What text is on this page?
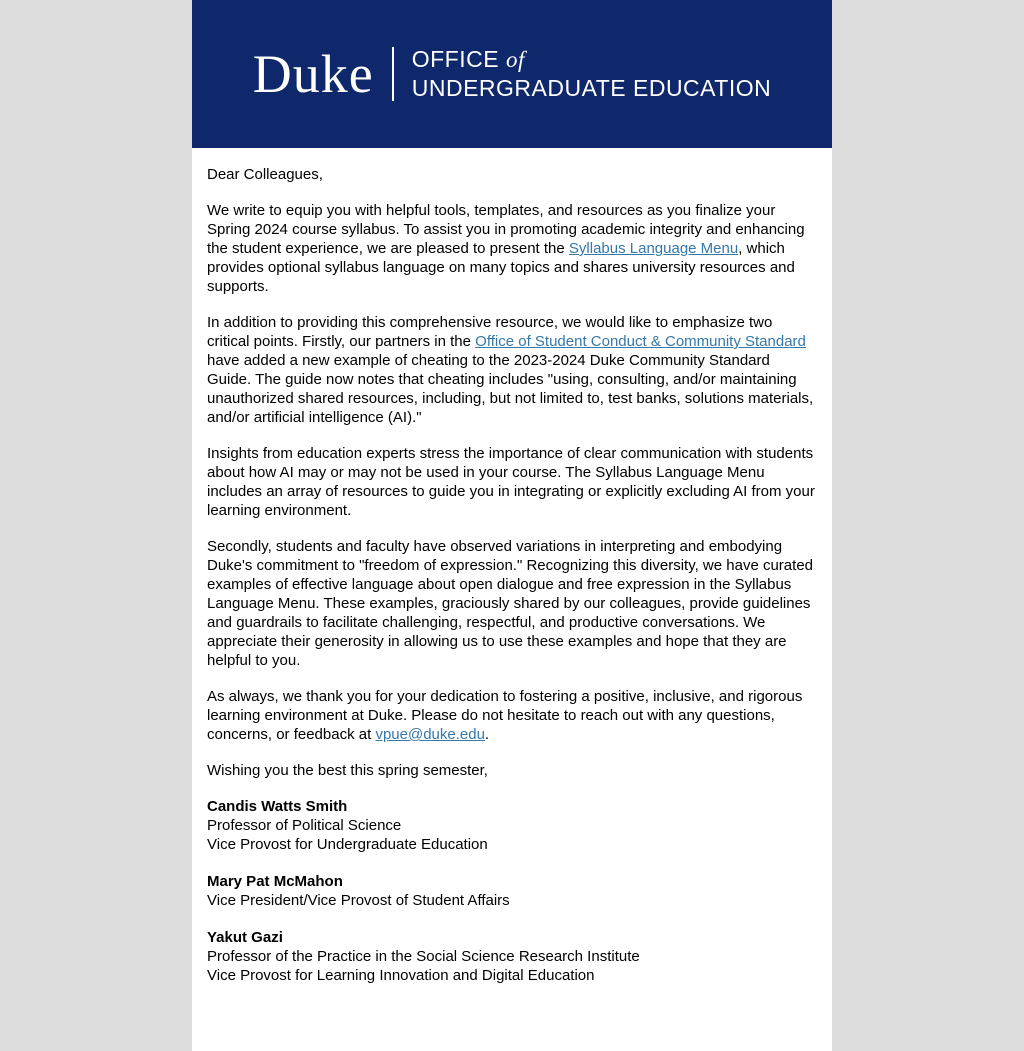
Duke OFFICE of
UNDERGRADUATE EDUCATION

Dear Colleagues,

We write to equip you with helpful tools, templates, and resources as you finalize your Spring 2024 course syllabus. To assist you in promoting academic integrity and enhancing the student experience, we are pleased to present the Syllabus Language Menu, which provides optional syllabus language on many topics and shares university resources and supports.

In addition to providing this comprehensive resource, we would like to emphasize two critical points. Firstly, our partners in the Office of Student Conduct & Community Standard have added a new example of cheating to the 2023-2024 Duke Community Standard Guide. The guide now notes that cheating includes "using, consulting, and/or maintaining unauthorized shared resources, including, but not limited to, test banks, solutions materials, and/or artificial intelligence (AI)."

Insights from education experts stress the importance of clear communication with students about how AI may or may not be used in your course. The Syllabus Language Menu includes an array of resources to guide you in integrating or explicitly excluding AI from your learning environment.

Secondly, students and faculty have observed variations in interpreting and embodying Duke's commitment to "freedom of expression." Recognizing this diversity, we have curated examples of effective language about open dialogue and free expression in the Syllabus Language Menu. These examples, graciously shared by our colleagues, provide guidelines and guardrails to facilitate challenging, respectful, and productive conversations. We appreciate their generosity in allowing us to use these examples and hope that they are helpful to you.

As always, we thank you for your dedication to fostering a positive, inclusive, and rigorous learning environment at Duke. Please do not hesitate to reach out with any questions, concerns, or feedback at vpue@duke.edu.

Wishing you the best this spring semester,

Candis Watts Smith
Professor of Political Science
Vice Provost for Undergraduate Education
Mary Pat McMahon
Vice President/Vice Provost of Student Affairs
Yakut Gazi
Professor of the Practice in the Social Science Research Institute
Vice Provost for Learning Innovation and Digital Education
